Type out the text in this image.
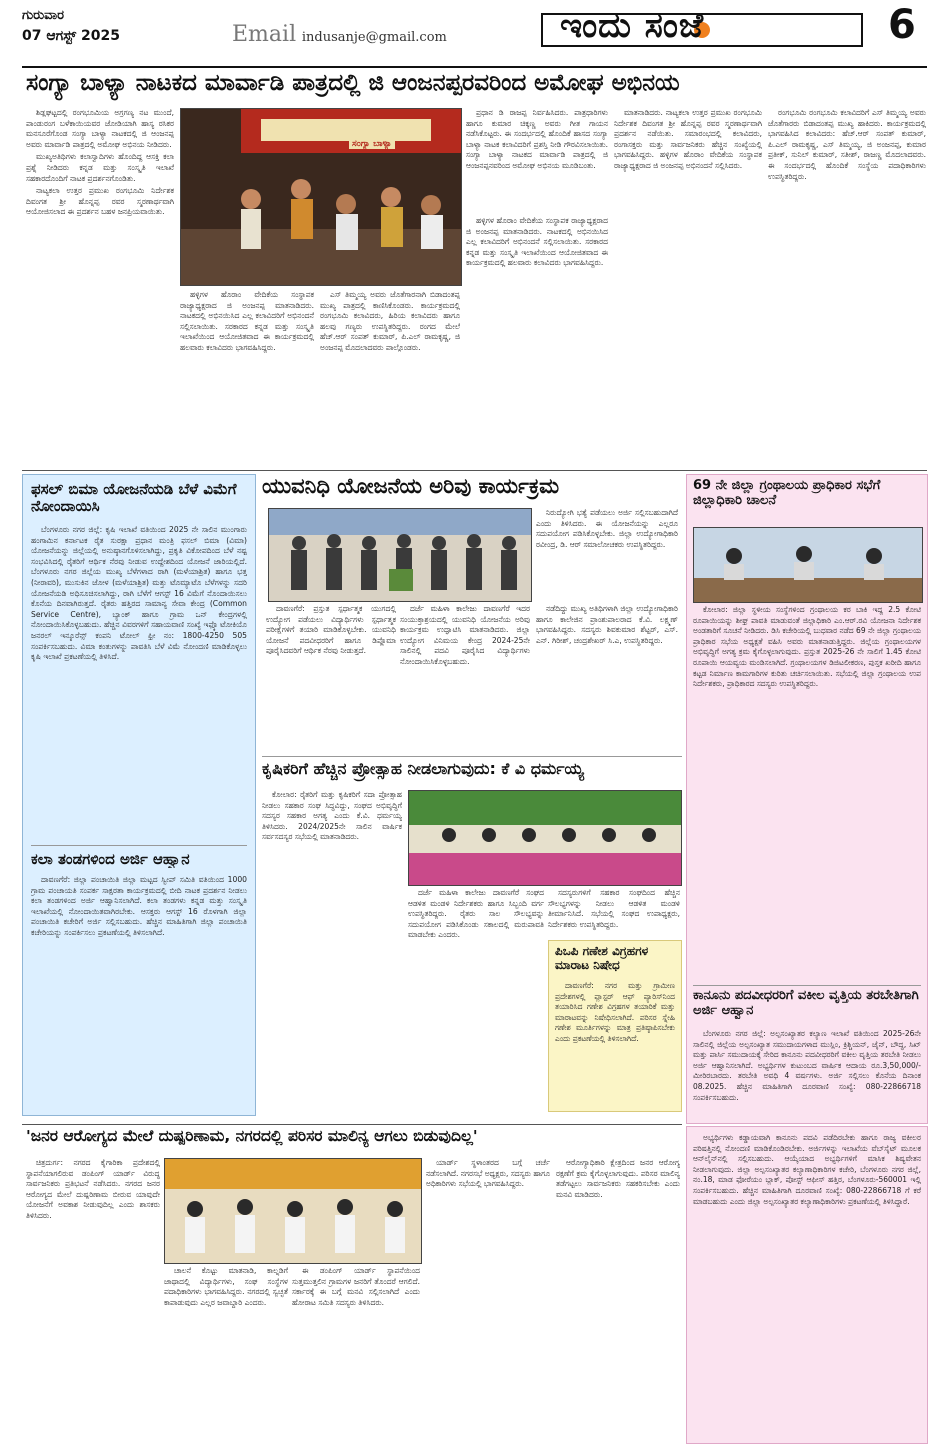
ಗುರುವಾರ
07 ಆಗಸ್ಟ್ 2025	Email indusanje@gmail.com	ಇಂದು ಸಂಜೆ	6
ಸಂಗ್ಯಾ ಬಾಳ್ಯಾ ನಾಟಕದ ಮಾರ್ವಾಡಿ ಪಾತ್ರದಲ್ಲಿ ಜಿ ಆಂಜನಪ್ಪರವರಿಂದ ಅಮೋಘ ಅಭಿನಯ

ಶಿಡ್ಲಘಟ್ಟದಲ್ಲಿ ರಂಗಭೂಮಿಯ ಅಗ್ರಗಣ್ಯ ನಟ ಮುಂದೆ, ಪಾಂಡುರಂಗ ಬಳೆಕಾಯಿಯವರ ಜೋಡಿಯಾಗಿ ಹಾಸ್ಯ ರಸಿಕರ ಮನಸೂರೆಗೊಂಡ ಸಂಗ್ಯಾ ಬಾಳ್ಯಾ ನಾಟಕದಲ್ಲಿ ಜಿ ಆಂಜನಪ್ಪ ಅವರು ಮಾರ್ವಾಡಿ ಪಾತ್ರದಲ್ಲಿ ಅಮೋಘ ಅಭಿನಯ ನೀಡಿದರು.

ಮುಖ್ಯಅತಿಥಿಗಳು ಕಲಾಸ್ವಾದಿಗಳು ಹೊಂದಿದ್ದ ಆಸಕ್ತಿ ಕಲಾ ಪ್ರಶ್ನೆ ನೀಡಿದರು ಕನ್ನಡ ಮತ್ತು ಸಂಸ್ಕೃತಿ ಇಲಾಖೆ ಸಹಕಾರದೊಂದಿಗೆ ನಾಟಕ ಪ್ರದರ್ಶನಗೊಂಡಿತು.

ನಾಟ್ಯಕಲಾ ಉತ್ತರ ಪ್ರಮುಖ ರಂಗಭೂಮಿ ನಿರ್ದೇಶಕ ದಿವಂಗತ ಶ್ರೀ ಹೊನ್ನಪ್ಪ ರವರ ಸ್ಮರಣಾರ್ಥವಾಗಿ ಆಯೋಜಿಸಲಾದ ಈ ಪ್ರದರ್ಶನ ಬಹಳ ಜನಪ್ರಿಯವಾಯಿತು.

ಸಂಗ್ಯಾ ಬಾಳ್ಯಾ

ಪ್ರಧಾನ ಡಿ ರಾಜಪ್ಪ ನಿರ್ವಹಿಸಿದರು. ಪಾತ್ರಧಾರಿಗಳು ಹಾಗೂ ಕುಮಾರ ಚಿಕ್ಕಣ್ಣ ಅವರು ಗೀತ ಗಾಯನ ನಡೆಸಿಕೊಟ್ಟರು. ಈ ಸಂದರ್ಭದಲ್ಲಿ ಹೊಂದಿಕೆ ಹಾಸದ ಸಂಗ್ಯಾ ಬಾಳ್ಯಾ ನಾಟಕ ಕಲಾವಿದರಿಗೆ ಪ್ರಶಸ್ತಿ ನೀಡಿ ಗೌರವಿಸಲಾಯಿತು. ಸಂಗ್ಯಾ ಬಾಳ್ಯಾ ನಾಟಕದ ಮಾರ್ವಾಡಿ ಪಾತ್ರದಲ್ಲಿ ಜಿ ಆಂಜನಪ್ಪನವರಿಂದ ಅಮೋಘ ಅಭಿನಯ ಮೂಡಿಬಂತು.

ಮಾತನಾಡಿದರು. ನಾಟ್ಯಕಲಾ ಉತ್ತರ ಪ್ರಮುಖ ರಂಗಭೂಮಿ ನಿರ್ದೇಶಕ ದಿವಂಗತ ಶ್ರೀ ಹೊನ್ನಪ್ಪ ರವರ ಸ್ಮರಣಾರ್ಥವಾಗಿ ಪ್ರದರ್ಶನ ನಡೆಯಿತು. ಸಮಾರಂಭದಲ್ಲಿ ಕಲಾವಿದರು, ರಂಗಾಸಕ್ತರು ಮತ್ತು ಸಾರ್ವಜನಿಕರು ಹೆಚ್ಚಿನ ಸಂಖ್ಯೆಯಲ್ಲಿ ಭಾಗವಹಿಸಿದ್ದರು. ಹಳ್ಳಿಗಳ ಹೊರಾಂ ವೇದಿಕೆಯ ಸಂಸ್ಥಾಪಕ ರಾಜ್ಯಾಧ್ಯಕ್ಷರಾದ ಜಿ ಅಂಜನಪ್ಪ ಅಭಿನಂದನೆ ಸಲ್ಲಿಸಿದರು.

ರಂಗಭೂಮಿ ರಂಗಭೂಮಿ ಕಲಾವಿದರಿಗೆ ಎಸ್ ತಿಮ್ಮಯ್ಯ ಅವರು ಜೊತೆಗಾರರು ಬಿಡಾದಂತಪ್ಪ ಮುಖ್ಯ ಹಾಕಿದರು. ಕಾರ್ಯಕ್ರಮದಲ್ಲಿ ಭಾಗವಹಿಸಿದ ಕಲಾವಿದರು: ಹೆಚ್.ಆರ್ ಸಂಪತ್ ಕುಮಾರ್, ಪಿ.ಎಲ್ ರಾಮಕೃಷ್ಣ, ಎಸ್ ತಿಮ್ಮಯ್ಯ, ಜಿ ಅಂಜನಪ್ಪ, ಕುಮಾರ ಪ್ರತೀಕ್, ಸುನಿಲ್ ಕುಮಾರ್, ಸತೀಶ್, ರಾಜಣ್ಣ ಮೊದಲಾದವರು. ಈ ಸಂದರ್ಭದಲ್ಲಿ ಹೊಂದಿಕೆ ಸಂಸ್ಥೆಯ ಪದಾಧಿಕಾರಿಗಳು ಉಪಸ್ಥಿತರಿದ್ದರು.

ಹಳ್ಳಿಗಳ ಹೊರಾಂ ವೇದಿಕೆಯ ಸಂಸ್ಥಾಪಕ ರಾಜ್ಯಾಧ್ಯಕ್ಷರಾದ ಜಿ ಅಂಜನಪ್ಪ ಮಾತನಾಡಿದರು. ನಾಟಕದಲ್ಲಿ ಅಭಿನಯಿಸಿದ ಎಲ್ಲ ಕಲಾವಿದರಿಗೆ ಅಭಿನಂದನೆ ಸಲ್ಲಿಸಲಾಯಿತು. ಸರಕಾರದ ಕನ್ನಡ ಮತ್ತು ಸಂಸ್ಕೃತಿ ಇಲಾಖೆಯಿಂದ ಆಯೋಜಿತವಾದ ಈ ಕಾರ್ಯಕ್ರಮದಲ್ಲಿ ಹಲವಾರು ಕಲಾವಿದರು ಭಾಗವಹಿಸಿದ್ದರು.

ಎಸ್ ತಿಮ್ಮಯ್ಯ ಅವರು ಜೊತೆಗಾರನಾಗಿ ಬಿಡಾದಂತಪ್ಪ ಮುಖ್ಯ ಪಾತ್ರದಲ್ಲಿ ಕಾಣಿಸಿಕೊಂಡರು. ಕಾರ್ಯಕ್ರಮದಲ್ಲಿ ರಂಗಭೂಮಿ ಕಲಾವಿದರು, ಹಿರಿಯ ಕಲಾವಿದರು ಹಾಗೂ ಹಲವು ಗಣ್ಯರು ಉಪಸ್ಥಿತರಿದ್ದರು. ರಂಗದ ಮೇಲೆ ಹೆಚ್.ಆರ್ ಸಂಪತ್ ಕುಮಾರ್, ಪಿ.ಎಲ್ ರಾಮಕೃಷ್ಣ, ಜಿ ಅಂಜನಪ್ಪ ಮೊದಲಾದವರು ಪಾಲ್ಗೊಂಡರು.

ಹಳ್ಳಿಗಳ ಹೊರಾಂ ವೇದಿಕೆಯ ಸಂಸ್ಥಾಪಕ ರಾಜ್ಯಾಧ್ಯಕ್ಷರಾದ ಜಿ ಅಂಜನಪ್ಪ ಮಾತನಾಡಿದರು. ನಾಟಕದಲ್ಲಿ ಅಭಿನಯಿಸಿದ ಎಲ್ಲ ಕಲಾವಿದರಿಗೆ ಅಭಿನಂದನೆ ಸಲ್ಲಿಸಲಾಯಿತು. ಸರಕಾರದ ಕನ್ನಡ ಮತ್ತು ಸಂಸ್ಕೃತಿ ಇಲಾಖೆಯಿಂದ ಆಯೋಜಿತವಾದ ಈ ಕಾರ್ಯಕ್ರಮದಲ್ಲಿ ಹಲವಾರು ಕಲಾವಿದರು ಭಾಗವಹಿಸಿದ್ದರು.

ಫಸಲ್ ಬಿಮಾ ಯೋಜನೆಯಡಿ ಬೆಳೆ ವಿಮೆಗೆ ನೋಂದಾಯಿಸಿ

ಬೆಂಗಳೂರು ನಗರ ಜಿಲ್ಲೆ: ಕೃಷಿ ಇಲಾಖೆ ವತಿಯಿಂದ 2025 ನೇ ಸಾಲಿನ ಮುಂಗಾರು ಹಂಗಾಮಿನ ಕರ್ನಾಟಕ ರೈತ ಸುರಕ್ಷಾ ಪ್ರಧಾನ ಮಂತ್ರಿ ಫಸಲ್ ಬಿಮಾ (ವಿಮಾ) ಯೋಜನೆಯನ್ನು ಜಿಲ್ಲೆಯಲ್ಲಿ ಅನುಷ್ಠಾನಗೊಳಿಸಲಾಗಿದ್ದು, ಪ್ರಕೃತಿ ವಿಕೋಪದಿಂದ ಬೆಳೆ ನಷ್ಟ ಸಂಭವಿಸಿದಲ್ಲಿ ರೈತರಿಗೆ ಆರ್ಥಿಕ ನೆರವು ನೀಡುವ ಉದ್ದೇಶದಿಂದ ಯೋಜನೆ ಜಾರಿಯಲ್ಲಿದೆ. ಬೆಂಗಳೂರು ನಗರ ಜಿಲ್ಲೆಯ ಮುಖ್ಯ ಬೆಳೆಗಳಾದ ರಾಗಿ (ಮಳೆಯಾಶ್ರಿತ) ಹಾಗೂ ಭತ್ತ (ನೀರಾವರಿ), ಮುಸುಕಿನ ಜೋಳ (ಮಳೆಯಾಶ್ರಿತ) ಮತ್ತು ಟೊಮ್ಯಾಟೊ ಬೆಳೆಗಳನ್ನು ಸದರಿ ಯೋಜನೆಯಡಿ ಅಧಿಸೂಚಿಸಲಾಗಿದ್ದು, ರಾಗಿ ಬೆಳೆಗೆ ಆಗಸ್ಟ್ 16 ವಿಮೆಗೆ ನೊಂದಾಯಿಸಲು ಕೊನೆಯ ದಿನವಾಗಿರುತ್ತದೆ. ರೈತರು ಹತ್ತಿರದ ಸಾಮಾನ್ಯ ಸೇವಾ ಕೇಂದ್ರ (Common Service Centre), ಬ್ಯಾಂಕ್ ಹಾಗೂ ಗ್ರಾಮ ಒನ್ ಕೇಂದ್ರಗಳಲ್ಲಿ ನೋಂದಾಯಿಸಿಕೊಳ್ಳಬಹುದು. ಹೆಚ್ಚಿನ ವಿವರಗಳಿಗೆ ಸಹಾಯವಾಣಿ ಸಂಖ್ಯೆ ಇಫ್ಕೊ ಟೋಕಿಯೊ ಜನರಲ್ ಇನ್ಶೂರೆನ್ಸ್ ಕಂಪನಿ ಟೋಲ್ ಫ್ರೀ ನಂ: 1800-4250 505 ಸಂಪರ್ಕಿಸಬಹುದು. ವಿಮಾ ಕಂತುಗಳನ್ನು ಪಾವತಿಸಿ ಬೆಳೆ ವಿಮೆ ನೋಂದಣಿ ಮಾಡಿಕೊಳ್ಳಲು ಕೃಷಿ ಇಲಾಖೆ ಪ್ರಕಟಣೆಯಲ್ಲಿ ತಿಳಿಸಿದೆ.

ಕಲಾ ತಂಡಗಳಿಂದ ಅರ್ಜಿ ಆಹ್ವಾನ

ದಾವಣಗೆರೆ: ಜಿಲ್ಲಾ ಪಂಚಾಯಿತಿ ಜಿಲ್ಲಾ ಮಟ್ಟದ ಸ್ವೀಪ್ ಸಮಿತಿ ವತಿಯಿಂದ 1000 ಗ್ರಾಮ ಪಂಚಾಯತಿ ಸಂಪರ್ಕ ಸಾಕ್ಷರತಾ ಕಾರ್ಯಕ್ರಮದಲ್ಲಿ ಬೀದಿ ನಾಟಕ ಪ್ರದರ್ಶನ ನೀಡಲು ಕಲಾ ತಂಡಗಳಿಂದ ಅರ್ಜಿ ಆಹ್ವಾನಿಸಲಾಗಿದೆ. ಕಲಾ ತಂಡಗಳು ಕನ್ನಡ ಮತ್ತು ಸಂಸ್ಕೃತಿ ಇಲಾಖೆಯಲ್ಲಿ ನೋಂದಾಯಿತವಾಗಿರಬೇಕು. ಆಸಕ್ತರು ಆಗಸ್ಟ್ 16 ರೊಳಗಾಗಿ ಜಿಲ್ಲಾ ಪಂಚಾಯಿತಿ ಕಚೇರಿಗೆ ಅರ್ಜಿ ಸಲ್ಲಿಸಬಹುದು. ಹೆಚ್ಚಿನ ಮಾಹಿತಿಗಾಗಿ ಜಿಲ್ಲಾ ಪಂಚಾಯಿತಿ ಕಚೇರಿಯನ್ನು ಸಂಪರ್ಕಿಸಲು ಪ್ರಕಟಣೆಯಲ್ಲಿ ತಿಳಿಸಲಾಗಿದೆ.

ಯುವನಿಧಿ ಯೋಜನೆಯ ಅರಿವು ಕಾರ್ಯಕ್ರಮ

ನಿರುದ್ಯೋಗಿ ಭತ್ಯೆ ಪಡೆಯಲು ಅರ್ಜಿ ಸಲ್ಲಿಸಬಹುದಾಗಿದೆ ಎಂದು ತಿಳಿಸಿದರು. ಈ ಯೋಜನೆಯನ್ನು ಎಲ್ಲರೂ ಸದುಪಯೋಗ ಪಡಿಸಿಕೊಳ್ಳಬೇಕು. ಜಿಲ್ಲಾ ಉದ್ಯೋಗಾಧಿಕಾರಿ ರವೀಂದ್ರ, ಡಿ. ಆರ್ ಸಮಾಲೋಚಕರು ಉಪಸ್ಥಿತರಿದ್ದರು.

ದಾವಣಗೆರೆ: ಪ್ರಸ್ತುತ ಸ್ಪರ್ಧಾತ್ಮಕ ಯುಗದಲ್ಲಿ ಉದ್ಯೋಗ ಪಡೆಯಲು ವಿದ್ಯಾರ್ಥಿಗಳು ಸ್ಪರ್ಧಾತ್ಮಕ ಪರೀಕ್ಷೆಗಳಿಗೆ ತಯಾರಿ ಮಾಡಿಕೊಳ್ಳಬೇಕು. ಯುವನಿಧಿ ಯೋಜನೆ ಪದವೀಧರರಿಗೆ ಹಾಗೂ ಡಿಪ್ಲೊಮಾ ಪೂರೈಸಿದವರಿಗೆ ಆರ್ಥಿಕ ನೆರವು ನೀಡುತ್ತದೆ.

ದರ್ಜೆ ಮಹಿಳಾ ಕಾಲೇಜು ದಾವಣಗೆರೆ ಇದರ ಸಂಯುಕ್ತಾಶ್ರಯದಲ್ಲಿ ಯುವನಿಧಿ ಯೋಜನೆಯ ಅರಿವು ಕಾರ್ಯಕ್ರಮ ಉದ್ಘಾಟಿಸಿ ಮಾತನಾಡಿದರು. ಜಿಲ್ಲಾ ಉದ್ಯೋಗ ವಿನಿಮಯ ಕೇಂದ್ರ 2024-25ನೇ ಸಾಲಿನಲ್ಲಿ ಪದವಿ ಪೂರೈಸಿದ ವಿದ್ಯಾರ್ಥಿಗಳು ನೋಂದಾಯಿಸಿಕೊಳ್ಳಬಹುದು.

ನಡೆದಿದ್ದು ಮುಖ್ಯ ಅತಿಥಿಗಳಾಗಿ ಜಿಲ್ಲಾ ಉದ್ಯೋಗಾಧಿಕಾರಿ ಹಾಗೂ ಕಾಲೇಜಿನ ಪ್ರಾಂಶುಪಾಲರಾದ ಕೆ.ವಿ. ಲಕ್ಷ್ಮಣ್ ಭಾಗವಹಿಸಿದ್ದರು. ಸದಸ್ಯರು ಶಿವಕುಮಾರ ಶೆಟ್ಟರ್, ಎಸ್. ಎನ್. ಗಿರೀಶ್, ಚಂದ್ರಶೇಖರ್ ಸಿ.ಎ, ಉಪಸ್ಥಿತರಿದ್ದರು.

ಕೃಷಿಕರಿಗೆ ಹೆಚ್ಚಿನ ಪ್ರೋತ್ಸಾಹ ನೀಡಲಾಗುವುದು: ಕೆ ವಿ ಧರ್ಮಯ್ಯ

ಕೋಲಾರ: ರೈತರಿಗೆ ಮತ್ತು ಕೃಷಿಕರಿಗೆ ಸದಾ ಪ್ರೋತ್ಸಾಹ ನೀಡಲು ಸಹಕಾರ ಸಂಘ ಸಿದ್ಧವಿದ್ದು, ಸಂಘದ ಅಭಿವೃದ್ಧಿಗೆ ಸದಸ್ಯರ ಸಹಕಾರ ಅಗತ್ಯ ಎಂದು ಕೆ.ವಿ. ಧರ್ಮಯ್ಯ ತಿಳಿಸಿದರು. 2024/2025ನೇ ಸಾಲಿನ ವಾರ್ಷಿಕ ಸರ್ವಸದಸ್ಯರ ಸಭೆಯಲ್ಲಿ ಮಾತನಾಡಿದರು.

ದರ್ಜೆ ಮಹಿಳಾ ಕಾಲೇಜು ದಾವಣಗೆರೆ ಸಂಘದ ಆಡಳಿತ ಮಂಡಳಿ ನಿರ್ದೇಶಕರು ಹಾಗೂ ಸಿಬ್ಬಂದಿ ವರ್ಗ ಉಪಸ್ಥಿತರಿದ್ದರು. ರೈತರು ಸಾಲ ಸೌಲಭ್ಯವನ್ನು ಸದುಪಯೋಗ ಪಡಿಸಿಕೊಂಡು ಸಕಾಲದಲ್ಲಿ ಮರುಪಾವತಿ ಮಾಡಬೇಕು ಎಂದರು.

ಸದಸ್ಯರುಗಳಿಗೆ ಸಹಕಾರ ಸಂಘದಿಂದ ಹೆಚ್ಚಿನ ಸೌಲಭ್ಯಗಳನ್ನು ನೀಡಲು ಆಡಳಿತ ಮಂಡಳಿ ತೀರ್ಮಾನಿಸಿದೆ. ಸಭೆಯಲ್ಲಿ ಸಂಘದ ಉಪಾಧ್ಯಕ್ಷರು, ನಿರ್ದೇಶಕರು ಉಪಸ್ಥಿತರಿದ್ದರು.

ಪಿಒಪಿ ಗಣೇಶ ವಿಗ್ರಹಗಳ ಮಾರಾಟ ನಿಷೇಧ

ದಾವಣಗೆರೆ: ನಗರ ಮತ್ತು ಗ್ರಾಮೀಣ ಪ್ರದೇಶಗಳಲ್ಲಿ ಪ್ಲಾಸ್ಟರ್ ಆಫ್ ಪ್ಯಾರಿಸ್‌ನಿಂದ ತಯಾರಿಸಿದ ಗಣೇಶ ವಿಗ್ರಹಗಳ ತಯಾರಿಕೆ ಮತ್ತು ಮಾರಾಟವನ್ನು ನಿಷೇಧಿಸಲಾಗಿದೆ. ಪರಿಸರ ಸ್ನೇಹಿ ಗಣೇಶ ಮೂರ್ತಿಗಳನ್ನು ಮಾತ್ರ ಪ್ರತಿಷ್ಠಾಪಿಸಬೇಕು ಎಂದು ಪ್ರಕಟಣೆಯಲ್ಲಿ ತಿಳಿಸಲಾಗಿದೆ.

69 ನೇ ಜಿಲ್ಲಾ ಗ್ರಂಥಾಲಯ ಪ್ರಾಧಿಕಾರ ಸಭೆಗೆ ಜಿಲ್ಲಾಧಿಕಾರಿ ಚಾಲನೆ

ಕೋಲಾರ: ಜಿಲ್ಲಾ ಸ್ಥಳೀಯ ಸಂಸ್ಥೆಗಳಿಂದ ಗ್ರಂಥಾಲಯ ಕರ ಬಾಕಿ ಇದ್ದ 2.5 ಕೋಟಿ ರೂಪಾಯಿಯನ್ನು ಶೀಘ್ರ ಪಾವತಿ ಮಾಡುವಂತೆ ಜಿಲ್ಲಾಧಿಕಾರಿ ಎಂ.ಆರ್.ರವಿ ಯೋಜನಾ ನಿರ್ದೇಶಕ ಅಂಡತಾರಿಗೆ ಸೂಚನೆ ನೀಡಿದರು. ಡಿಸಿ ಕಚೇರಿಯಲ್ಲಿ ಬುಧವಾರ ನಡೆದ 69 ನೇ ಜಿಲ್ಲಾ ಗ್ರಂಥಾಲಯ ಪ್ರಾಧಿಕಾರ ಸಭೆಯ ಅಧ್ಯಕ್ಷತೆ ವಹಿಸಿ ಅವರು ಮಾತನಾಡುತ್ತಿದ್ದರು. ಜಿಲ್ಲೆಯ ಗ್ರಂಥಾಲಯಗಳ ಅಭಿವೃದ್ಧಿಗೆ ಅಗತ್ಯ ಕ್ರಮ ಕೈಗೊಳ್ಳಲಾಗುವುದು. ಪ್ರಸ್ತುತ 2025-26 ನೇ ಸಾಲಿಗೆ 1.45 ಕೋಟಿ ರೂಪಾಯಿ ಆಯವ್ಯಯ ಮಂಡಿಸಲಾಗಿದೆ. ಗ್ರಂಥಾಲಯಗಳ ಡಿಜಿಟಲೀಕರಣ, ಪುಸ್ತಕ ಖರೀದಿ ಹಾಗೂ ಕಟ್ಟಡ ನಿರ್ಮಾಣ ಕಾಮಗಾರಿಗಳ ಕುರಿತು ಚರ್ಚಿಸಲಾಯಿತು. ಸಭೆಯಲ್ಲಿ ಜಿಲ್ಲಾ ಗ್ರಂಥಾಲಯ ಉಪ ನಿರ್ದೇಶಕರು, ಪ್ರಾಧಿಕಾರದ ಸದಸ್ಯರು ಉಪಸ್ಥಿತರಿದ್ದರು.

ಕಾನೂನು ಪದವೀಧರರಿಗೆ ವಕೀಲ ವೃತ್ತಿಯ ತರಬೇತಿಗಾಗಿ ಅರ್ಜಿ ಆಹ್ವಾನ

ಬೆಂಗಳೂರು ನಗರ ಜಿಲ್ಲೆ: ಅಲ್ಪಸಂಖ್ಯಾತರ ಕಲ್ಯಾಣ ಇಲಾಖೆ ವತಿಯಿಂದ 2025-26ನೇ ಸಾಲಿನಲ್ಲಿ ಜಿಲ್ಲೆಯ ಅಲ್ಪಸಂಖ್ಯಾತ ಸಮುದಾಯಗಳಾದ ಮುಸ್ಲಿಂ, ಕ್ರಿಶ್ಚಿಯನ್, ಜೈನ್, ಬೌದ್ಧ, ಸಿಖ್ ಮತ್ತು ಪಾರ್ಸಿ ಸಮುದಾಯಕ್ಕೆ ಸೇರಿದ ಕಾನೂನು ಪದವೀಧರರಿಗೆ ವಕೀಲ ವೃತ್ತಿಯ ತರಬೇತಿ ನೀಡಲು ಅರ್ಜಿ ಆಹ್ವಾನಿಸಲಾಗಿದೆ. ಅಭ್ಯರ್ಥಿಗಳ ಕುಟುಂಬದ ವಾರ್ಷಿಕ ಆದಾಯ ರೂ.3,50,000/- ಮೀರಿರಬಾರದು. ತರಬೇತಿ ಅವಧಿ 4 ವರ್ಷಗಳು. ಅರ್ಜಿ ಸಲ್ಲಿಸಲು ಕೊನೆಯ ದಿನಾಂಕ 08.2025. ಹೆಚ್ಚಿನ ಮಾಹಿತಿಗಾಗಿ ದೂರವಾಣಿ ಸಂಖ್ಯೆ: 080-22866718 ಸಂಪರ್ಕಿಸಬಹುದು.

'ಜನರ ಆರೋಗ್ಯದ ಮೇಲೆ ದುಷ್ಪರಿಣಾಮ, ನಗರದಲ್ಲಿ ಪರಿಸರ ಮಾಲಿನ್ಯ ಆಗಲು ಬಿಡುವುದಿಲ್ಲ'

ಚಿತ್ರದುರ್ಗ: ನಗರದ ಕೈಗಾರಿಕಾ ಪ್ರದೇಶದಲ್ಲಿ ಸ್ಥಾಪನೆಯಾಗಲಿರುವ ಡಂಪಿಂಗ್ ಯಾರ್ಡ್ ವಿರುದ್ಧ ಸಾರ್ವಜನಿಕರು ಪ್ರತಿಭಟನೆ ನಡೆಸಿದರು. ನಗರದ ಜನರ ಆರೋಗ್ಯದ ಮೇಲೆ ದುಷ್ಪರಿಣಾಮ ಬೀರುವ ಯಾವುದೇ ಯೋಜನೆಗೆ ಅವಕಾಶ ನೀಡುವುದಿಲ್ಲ ಎಂದು ಶಾಸಕರು ತಿಳಿಸಿದರು.

ಚಾಲನೆ ಕೊಟ್ಟು ಮಾತನಾಡಿ, ಕಾಲ್ನಡಿಗೆ ಜಾಥಾದಲ್ಲಿ ವಿದ್ಯಾರ್ಥಿಗಳು, ಸಂಘ ಸಂಸ್ಥೆಗಳ ಪದಾಧಿಕಾರಿಗಳು ಭಾಗವಹಿಸಿದ್ದರು. ನಗರದಲ್ಲಿ ಸ್ವಚ್ಛತೆ ಕಾಪಾಡುವುದು ಎಲ್ಲರ ಜವಾಬ್ದಾರಿ ಎಂದರು.

ಈ ಡಂಪಿಂಗ್ ಯಾರ್ಡ್ ಸ್ಥಾಪನೆಯಿಂದ ಸುತ್ತಮುತ್ತಲಿನ ಗ್ರಾಮಗಳ ಜನರಿಗೆ ತೊಂದರೆ ಆಗಲಿದೆ. ಸರ್ಕಾರಕ್ಕೆ ಈ ಬಗ್ಗೆ ಮನವಿ ಸಲ್ಲಿಸಲಾಗಿದೆ ಎಂದು ಹೋರಾಟ ಸಮಿತಿ ಸದಸ್ಯರು ತಿಳಿಸಿದರು.

ಯಾರ್ಡ್ ಸ್ಥಳಾಂತರದ ಬಗ್ಗೆ ಚರ್ಚೆ ನಡೆಸಲಾಗಿದೆ. ನಗರಸಭೆ ಅಧ್ಯಕ್ಷರು, ಸದಸ್ಯರು ಹಾಗೂ ಅಧಿಕಾರಿಗಳು ಸಭೆಯಲ್ಲಿ ಭಾಗವಹಿಸಿದ್ದರು.

ಆರೋಗ್ಯಾಧಿಕಾರಿ ಕ್ಷೇತ್ರದಿಂದ ಜನರ ಆರೋಗ್ಯ ರಕ್ಷಣೆಗೆ ಕ್ರಮ ಕೈಗೊಳ್ಳಲಾಗುವುದು. ಪರಿಸರ ಮಾಲಿನ್ಯ ತಡೆಗಟ್ಟಲು ಸಾರ್ವಜನಿಕರು ಸಹಕರಿಸಬೇಕು ಎಂದು ಮನವಿ ಮಾಡಿದರು.

ಅಭ್ಯರ್ಥಿಗಳು ಕಡ್ಡಾಯವಾಗಿ ಕಾನೂನು ಪದವಿ ಪಡೆದಿರಬೇಕು ಹಾಗೂ ರಾಜ್ಯ ವಕೀಲರ ಪರಿಷತ್ತಿನಲ್ಲಿ ನೋಂದಣಿ ಮಾಡಿಕೊಂಡಿರಬೇಕು. ಅರ್ಜಿಗಳನ್ನು ಇಲಾಖೆಯ ವೆಬ್‌ಸೈಟ್ ಮೂಲಕ ಆನ್‌ಲೈನ್‌ನಲ್ಲಿ ಸಲ್ಲಿಸಬಹುದು. ಆಯ್ಕೆಯಾದ ಅಭ್ಯರ್ಥಿಗಳಿಗೆ ಮಾಸಿಕ ಶಿಷ್ಯವೇತನ ನೀಡಲಾಗುವುದು. ಜಿಲ್ಲಾ ಅಲ್ಪಸಂಖ್ಯಾತರ ಕಲ್ಯಾಣಾಧಿಕಾರಿಗಳ ಕಚೇರಿ, ಬೆಂಗಳೂರು ನಗರ ಜಿಲ್ಲೆ, ನಂ.18, ಮಾಡ ಫೋರೆಯಂ ಬ್ಲಾಕ್, ಪೋಸ್ಟ್ ಆಫೀಸ್ ಹತ್ತಿರ, ಬೆಂಗಳೂರು-560001 ಇಲ್ಲಿ ಸಂಪರ್ಕಿಸಬಹುದು. ಹೆಚ್ಚಿನ ಮಾಹಿತಿಗಾಗಿ ದೂರವಾಣಿ ಸಂಖ್ಯೆ: 080-22866718 ಗೆ ಕರೆ ಮಾಡಬಹುದು ಎಂದು ಜಿಲ್ಲಾ ಅಲ್ಪಸಂಖ್ಯಾತರ ಕಲ್ಯಾಣಾಧಿಕಾರಿಗಳು ಪ್ರಕಟಣೆಯಲ್ಲಿ ತಿಳಿಸಿದ್ದಾರೆ.
